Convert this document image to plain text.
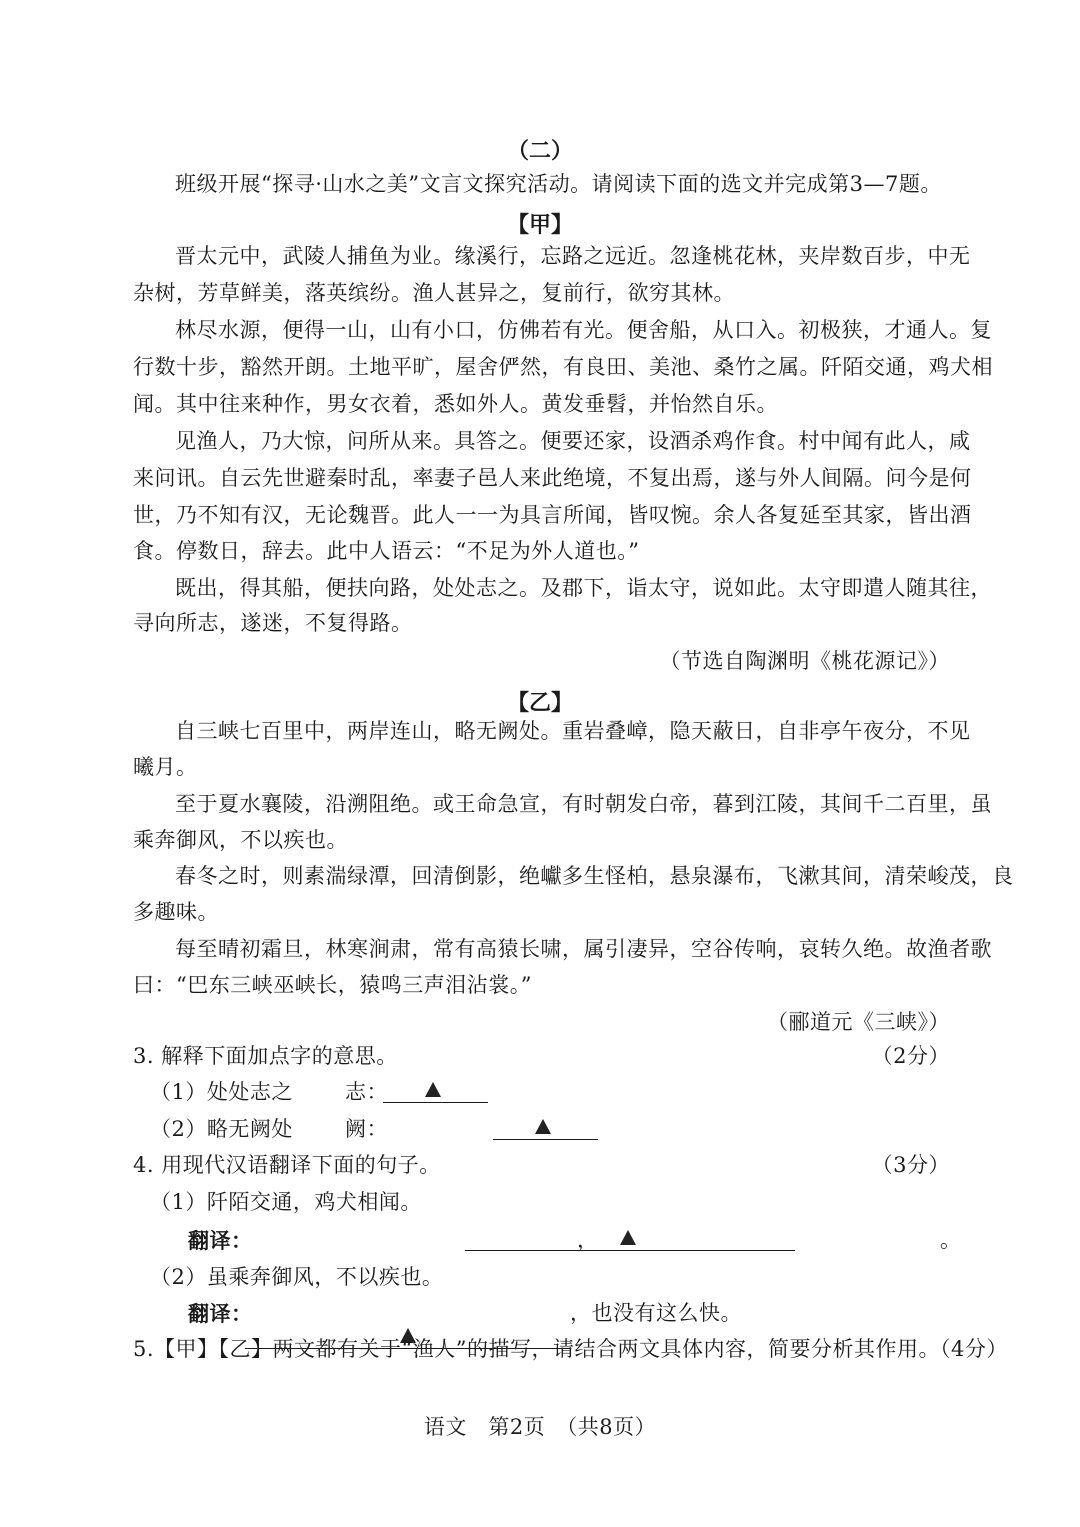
（二）
班级开展“探寻·山水之美”文言文探究活动。请阅读下面的选文并完成第3—7题。
【甲】
晋太元中，武陵人捕鱼为业。缘溪行，忘路之远近。忽逢桃花林，夹岸数百步，中无
杂树，芳草鲜美，落英缤纷。渔人甚异之，复前行，欲穷其林。
林尽水源，便得一山，山有小口，仿佛若有光。便舍船，从口入。初极狭，才通人。复
行数十步，豁然开朗。土地平旷，屋舍俨然，有良田、美池、桑竹之属。阡陌交通，鸡犬相
闻。其中往来种作，男女衣着，悉如外人。黄发垂髫，并怡然自乐。
见渔人，乃大惊，问所从来。具答之。便要还家，设酒杀鸡作食。村中闻有此人，咸
来问讯。自云先世避秦时乱，率妻子邑人来此绝境，不复出焉，遂与外人间隔。问今是何
世，乃不知有汉，无论魏晋。此人一一为具言所闻，皆叹惋。余人各复延至其家，皆出酒
食。停数日，辞去。此中人语云：“不足为外人道也。”
既出，得其船，便扶向路，处处志之。及郡下，诣太守，说如此。太守即遣人随其往，
寻向所志，遂迷，不复得路。
（节选自陶渊明《桃花源记》）
【乙】
自三峡七百里中，两岸连山，略无阙处。重岩叠嶂，隐天蔽日，自非亭午夜分，不见
曦月。
至于夏水襄陵，沿溯阻绝。或王命急宣，有时朝发白帝，暮到江陵，其间千二百里，虽
乘奔御风，不以疾也。
春冬之时，则素湍绿潭，回清倒影，绝巘多生怪柏，悬泉瀑布，飞漱其间，清荣峻茂，良
多趣味。
每至晴初霜旦，林寒涧肃，常有高猿长啸，属引凄异，空谷传响，哀转久绝。故渔者歌
曰：“巴东三峡巫峡长，猿鸣三声泪沾裳。”
（郦道元《三峡》）
3. 解释下面加点字的意思。	（2分）
（1）处处志之 志：

（2）略无阙处 阙：

4. 用现代汉语翻译下面的句子。	（3分）
（1）阡陌交通，鸡犬相闻。
翻译：
	，
	。
（2）虽乘奔御风，不以疾也。
翻译：	，也没有这么快。
5.【甲】【乙】两文都有关于“渔人”的描写，请结合两文具体内容，简要分析其作用。（4分）
语文　第2页　（共8页）
